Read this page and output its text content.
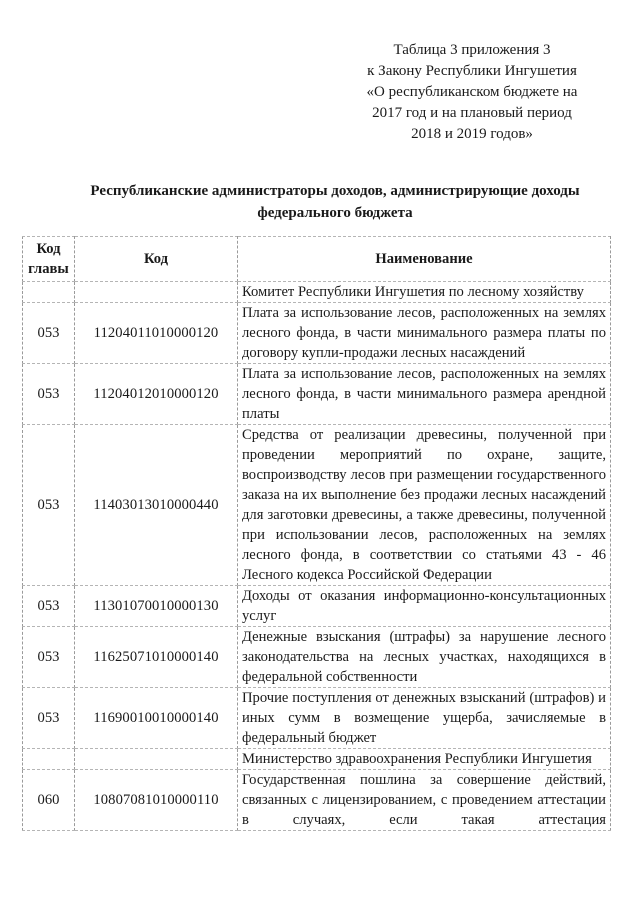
Таблица 3 приложения 3
к Закону Республики Ингушетия
«О республиканском бюджете на
2017 год и на плановый период
2018 и 2019 годов»
Республиканские администраторы доходов, администрирующие доходы
федерального бюджета
Код главы	Код	Наименование
		Комитет Республики Ингушетия по лесному хозяйству
053	11204011010000120	Плата за использование лесов, расположенных на землях лесного фонда, в части минимального размера платы по договору купли-продажи лесных насаждений
053	11204012010000120	Плата за использование лесов, расположенных на землях лесного фонда, в части минимального размера арендной платы
053	11403013010000440	Средства от реализации древесины, полученной при проведении мероприятий по охране, защите, воспроизводству лесов при размещении государственного заказа на их выполнение без продажи лесных насаждений для заготовки древесины, а также древесины, полученной при использовании лесов, расположенных на землях лесного фонда, в соответствии со статьями 43 - 46 Лесного кодекса Российской Федерации
053	11301070010000130	Доходы от оказания информационно-консультационных услуг
053	11625071010000140	Денежные взыскания (штрафы) за нарушение лесного законодательства на лесных участках, находящихся в федеральной собственности
053	11690010010000140	Прочие поступления от денежных взысканий (штрафов) и иных сумм в возмещение ущерба, зачисляемые в федеральный бюджет
		Министерство здравоохранения Республики Ингушетия
060	10807081010000110	Государственная пошлина за совершение действий, связанных с лицензированием, с проведением аттестации в случаях, если такая аттестация
